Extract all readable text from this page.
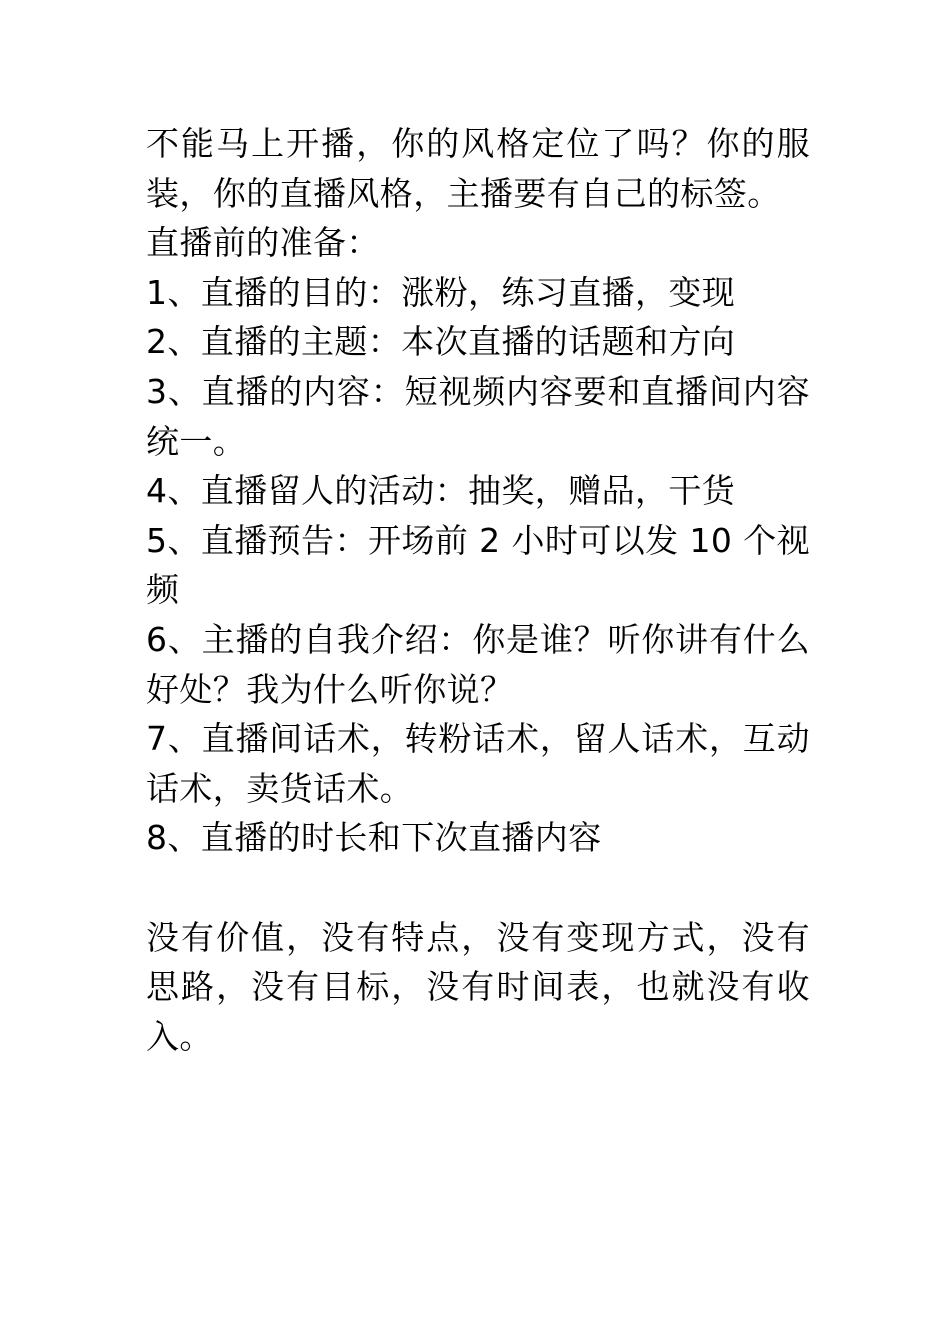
不能马上开播，你的风格定位了吗？你的服装，你的直播风格，主播要有自己的标签。

直播前的准备：

1、直播的目的：涨粉，练习直播，变现

2、直播的主题：本次直播的话题和方向

3、直播的内容：短视频内容要和直播间内容统一。

4、直播留人的活动：抽奖，赠品，干货

5、直播预告：开场前 2 小时可以发 10 个视频

6、主播的自我介绍：你是谁？听你讲有什么好处？我为什么听你说？

7、直播间话术，转粉话术，留人话术，互动话术，卖货话术。

8、直播的时长和下次直播内容

没有价值，没有特点，没有变现方式，没有思路，没有目标，没有时间表，也就没有收入。
